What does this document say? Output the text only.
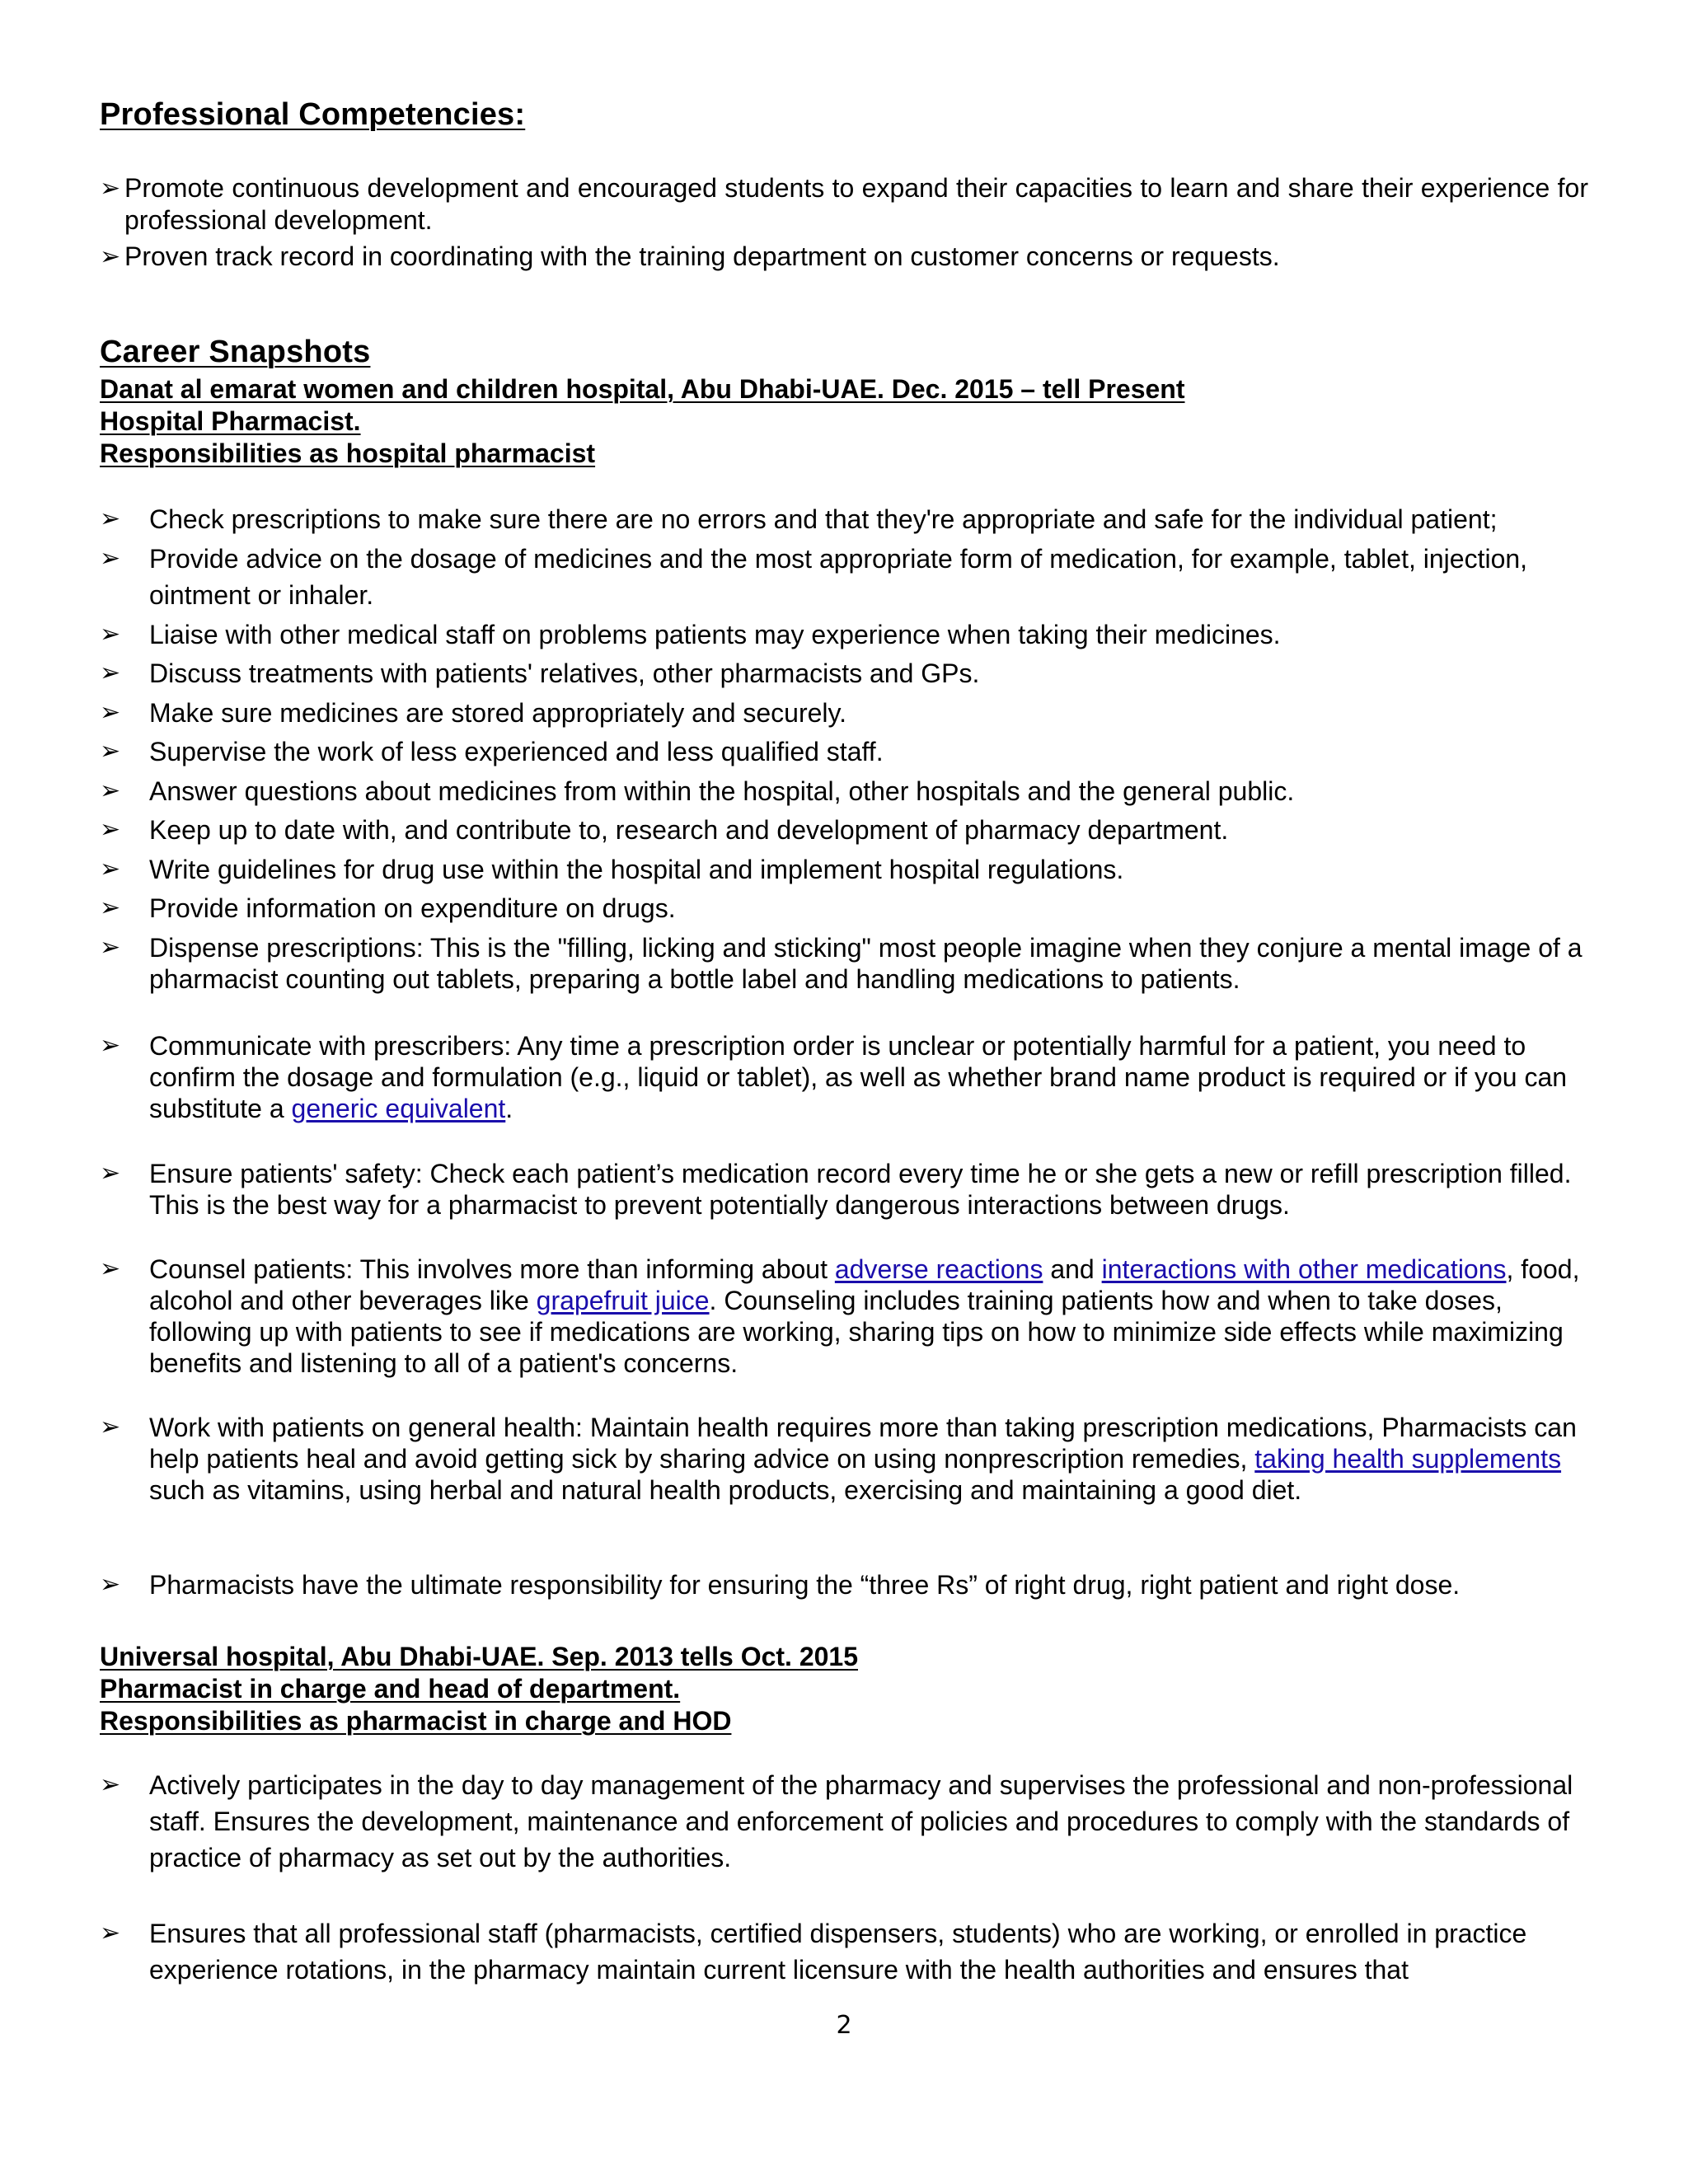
Professional Competencies:
➢ Promote continuous development and encouraged students to expand their capacities to learn and share their experience for professional development.
➢ Proven track record in coordinating with the training department on customer concerns or requests.
Career Snapshots
Danat al emarat women and children hospital, Abu Dhabi-UAE. Dec. 2015 – tell Present
Hospital Pharmacist.
Responsibilities as hospital pharmacist
➢	Check prescriptions to make sure there are no errors and that they're appropriate and safe for the individual patient;
➢	Provide advice on the dosage of medicines and the most appropriate form of medication, for example, tablet, injection, ointment or inhaler.
➢	Liaise with other medical staff on problems patients may experience when taking their medicines.
➢	Discuss treatments with patients' relatives, other pharmacists and GPs.
➢	Make sure medicines are stored appropriately and securely.
➢	Supervise the work of less experienced and less qualified staff.
➢	Answer questions about medicines from within the hospital, other hospitals and the general public.
➢	Keep up to date with, and contribute to, research and development of pharmacy department.
➢	Write guidelines for drug use within the hospital and implement hospital regulations.
➢	Provide information on expenditure on drugs.
➢	Dispense prescriptions: This is the "filling, licking and sticking" most people imagine when they conjure a mental image of a pharmacist counting out tablets, preparing a bottle label and handling medications to patients.
➢	Communicate with prescribers: Any time a prescription order is unclear or potentially harmful for a patient, you need to confirm the dosage and formulation (e.g., liquid or tablet), as well as whether brand name product is required or if you can substitute a generic equivalent.
➢	Ensure patients' safety: Check each patient’s medication record every time he or she gets a new or refill prescription filled. This is the best way for a pharmacist to prevent potentially dangerous interactions between drugs.
➢	Counsel patients: This involves more than informing about adverse reactions and interactions with other medications, food, alcohol and other beverages like grapefruit juice. Counseling includes training patients how and when to take doses, following up with patients to see if medications are working, sharing tips on how to minimize side effects while maximizing benefits and listening to all of a patient's concerns.
➢	Work with patients on general health: Maintain health requires more than taking prescription medications, Pharmacists can help patients heal and avoid getting sick by sharing advice on using nonprescription remedies, taking health supplements such as vitamins, using herbal and natural health products, exercising and maintaining a good diet.
➢	Pharmacists have the ultimate responsibility for ensuring the “three Rs” of right drug, right patient and right dose.
Universal hospital, Abu Dhabi-UAE. Sep. 2013 tells Oct. 2015
Pharmacist in charge and head of department.
Responsibilities as pharmacist in charge and HOD
➢	Actively participates in the day to day management of the pharmacy and supervises the professional and non-professional staff. Ensures the development, maintenance and enforcement of policies and procedures to comply with the standards of practice of pharmacy as set out by the authorities.
➢	Ensures that all professional staff (pharmacists, certified dispensers, students) who are working, or enrolled in practice experience rotations, in the pharmacy maintain current licensure with the health authorities and ensures that
2
